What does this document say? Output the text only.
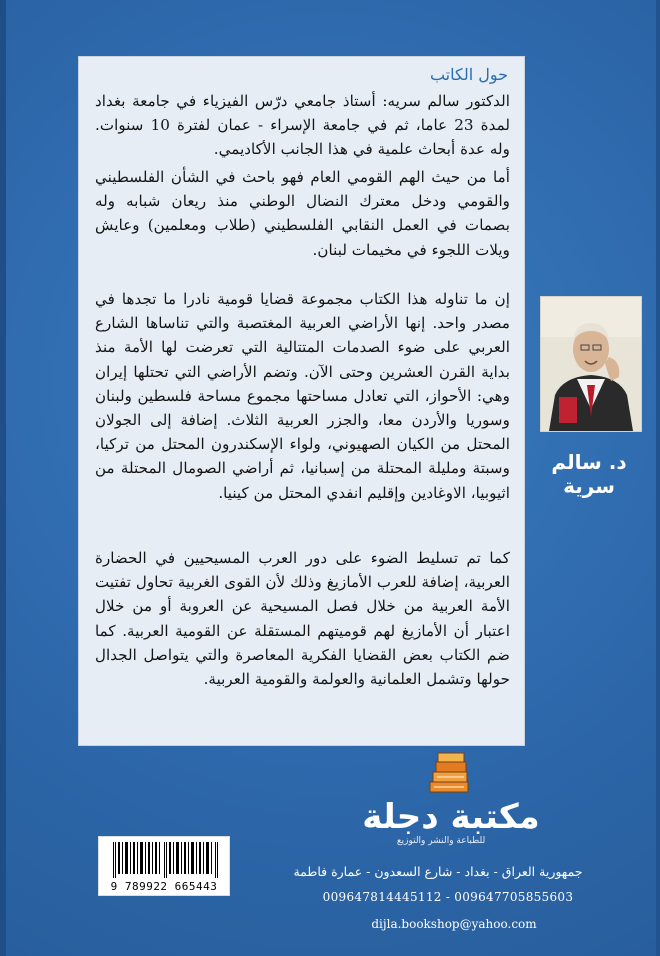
حول الكاتب
الدكتور سالم سريه: أستاذ جامعي درّس الفيزياء في جامعة بغداد لمدة 23 عاما، ثم في جامعة الإسراء - عمان لفترة 10 سنوات. وله عدة أبحاث علمية في هذا الجانب الأكاديمي.
أما من حيث الهم القومي العام فهو باحث في الشأن الفلسطيني والقومي ودخل معترك النضال الوطني منذ ريعان شبابه وله بصمات في العمل النقابي الفلسطيني (طلاب ومعلمين) وعايش ويلات اللجوء في مخيمات لبنان.
إن ما تناوله هذا الكتاب مجموعة قضايا قومية نادرا ما تجدها في مصدر واحد. إنها الأراضي العربية المغتصبة والتي تناساها الشارع العربي على ضوء الصدمات المتتالية التي تعرضت لها الأمة منذ بداية القرن العشرين وحتى الآن. وتضم الأراضي التي تحتلها إيران وهي: الأحواز، التي تعادل مساحتها مجموع مساحة فلسطين ولبنان وسوريا والأردن معا، والجزر العربية الثلاث. إضافة إلى الجولان المحتل من الكيان الصهيوني، ولواء الإسكندرون المحتل من تركيا، وسبتة ومليلة المحتلة من إسبانيا، ثم أراضي الصومال المحتلة من اثيوبيا، الاوغادين وإقليم انفدي المحتل من كينيا.
كما تم تسليط الضوء على دور العرب المسيحيين في الحضارة العربية، إضافة للعرب الأمازيغ وذلك لأن القوى الغربية تحاول تفتيت الأمة العربية من خلال فصل المسيحية عن العروبة أو من خلال اعتبار أن الأمازيغ لهم قوميتهم المستقلة عن القومية العربية. كما ضم الكتاب بعض القضايا الفكرية المعاصرة والتي يتواصل الجدال حولها وتشمل العلمانية والعولمة والقومية العربية.
د. سالم سرية
مكتبة دجلة
للطباعة والنشر والتوزيع
9 789922 665443
جمهورية العراق - بغداد - شارع السعدون - عمارة فاطمة
009647814445112 - 009647705855603
dijla.bookshop@yahoo.com
